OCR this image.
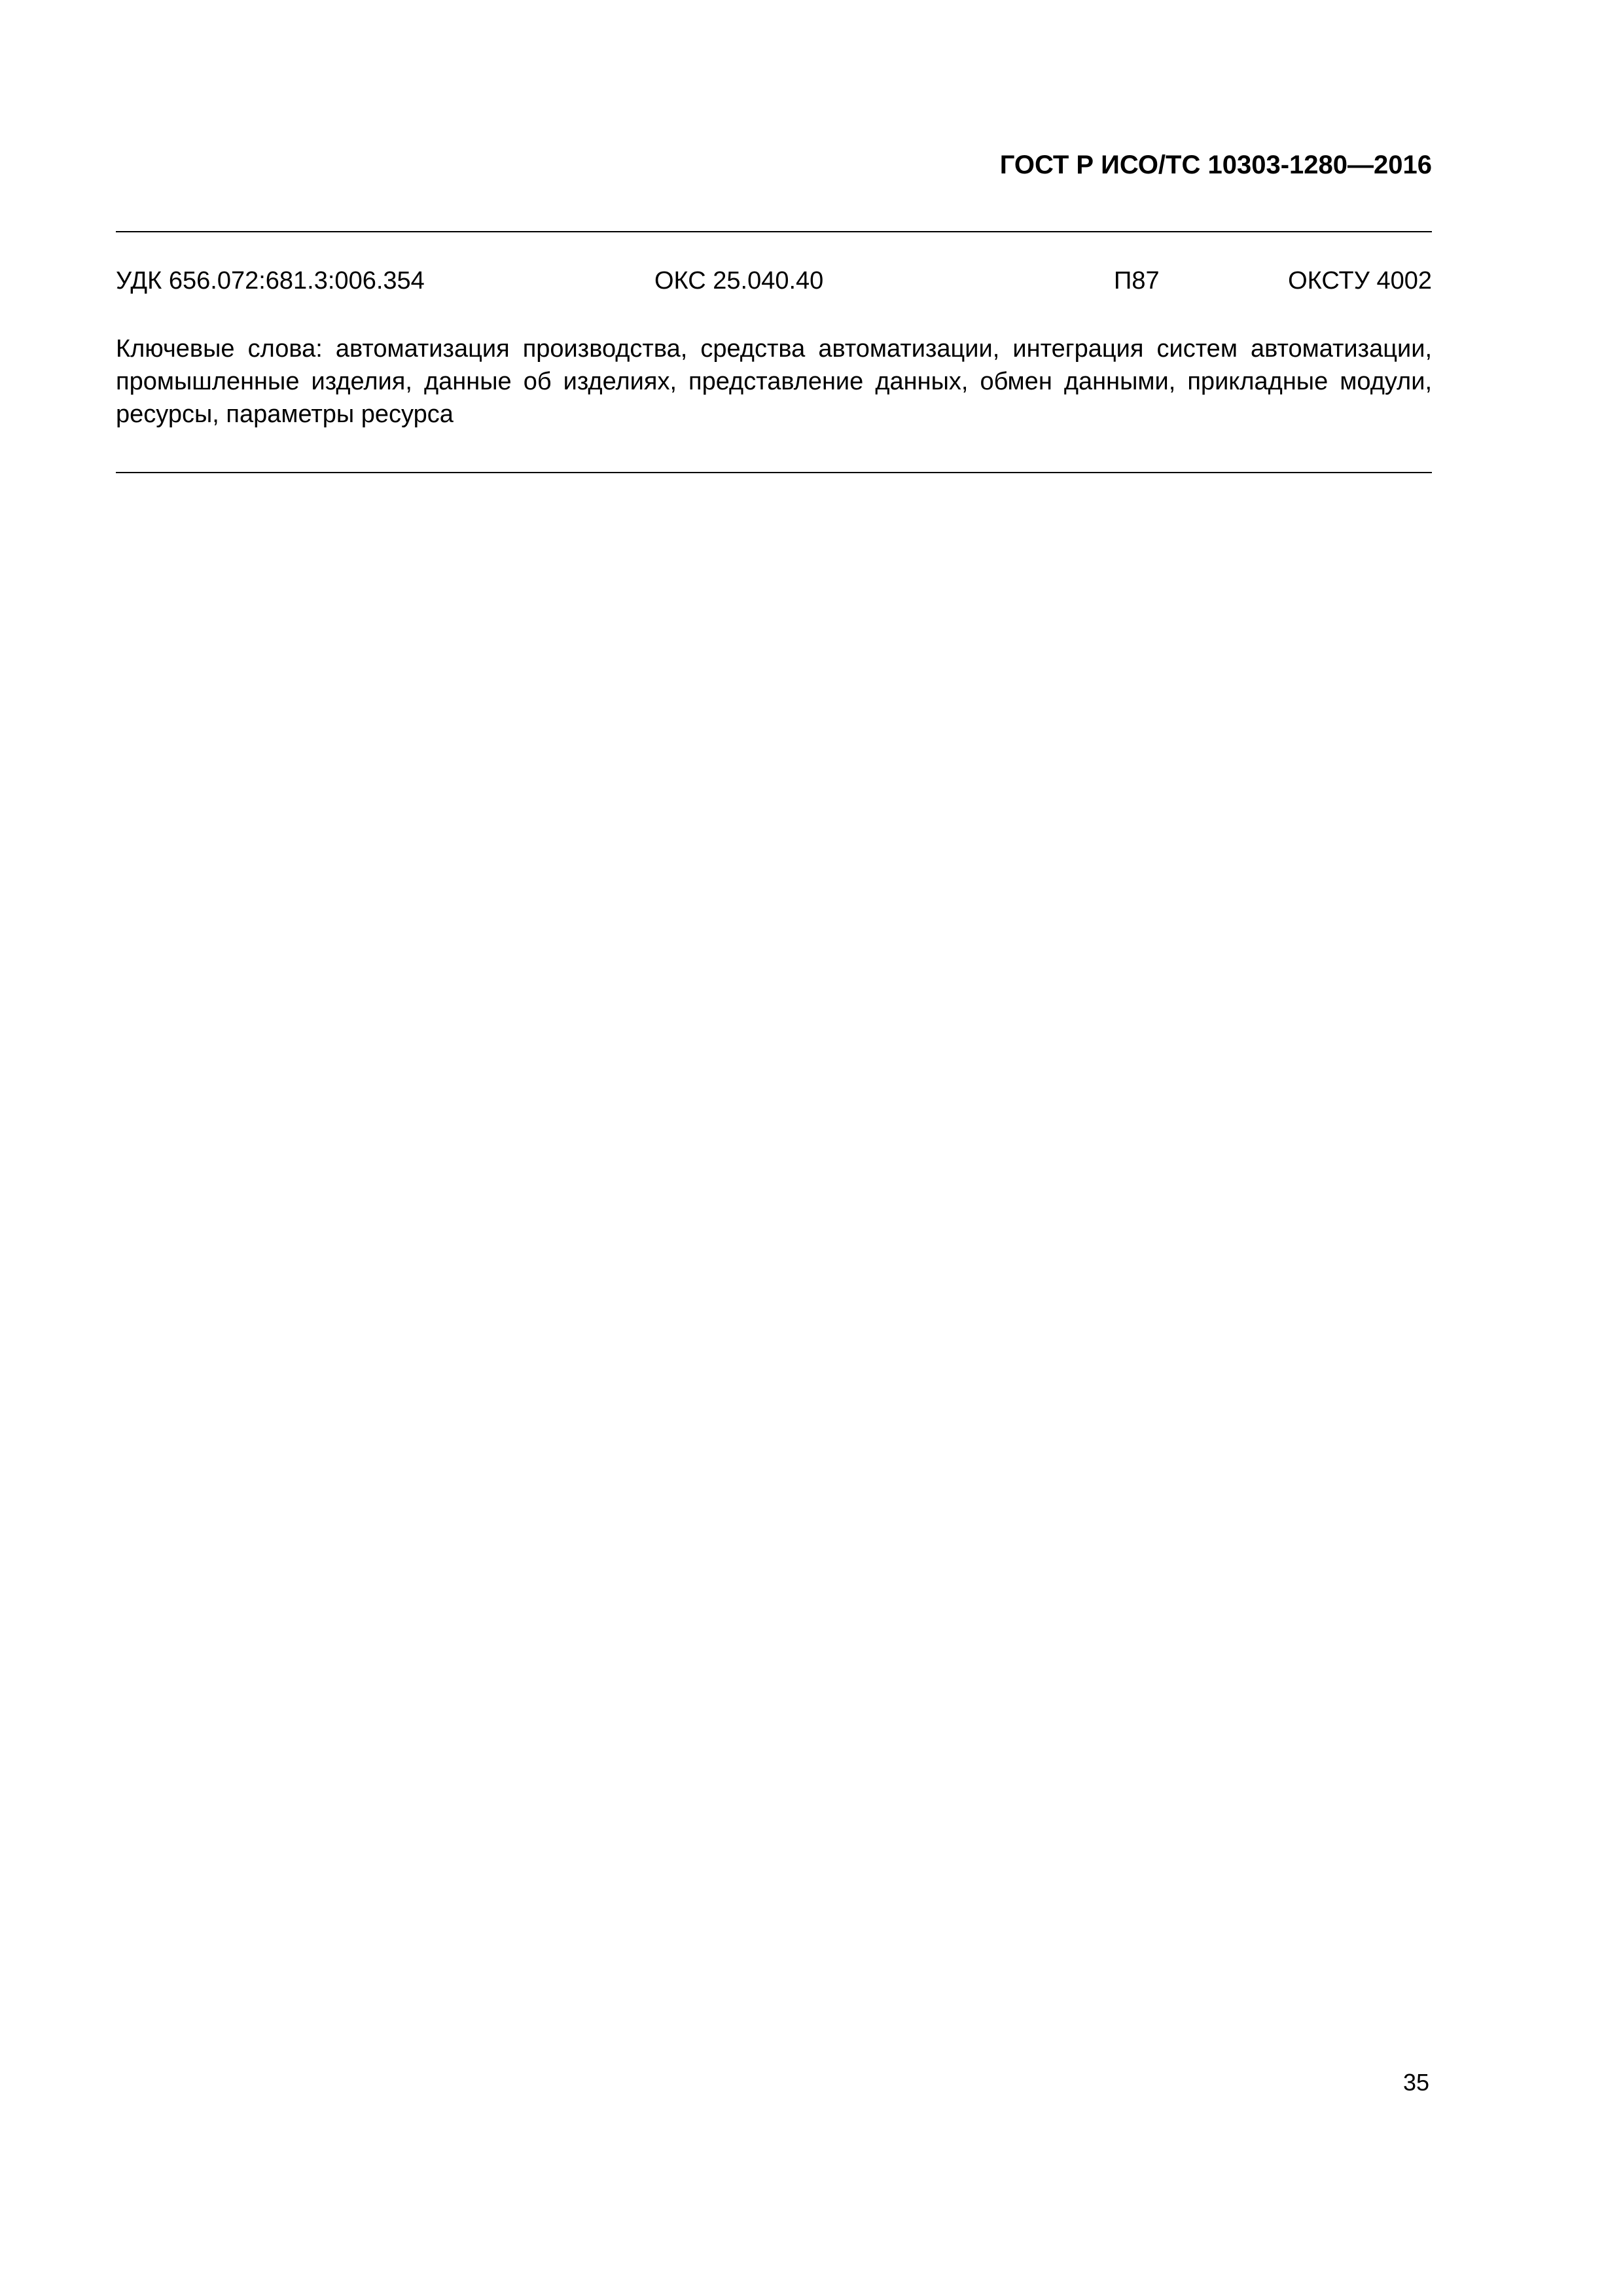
ГОСТ Р ИСО/ТС 10303-1280—2016
УДК 656.072:681.3:006.354	ОКС 25.040.40	П87	ОКСТУ 4002

Ключевые слова: автоматизация производства, средства автоматизации, интеграция систем автоматизации, промышленные изделия, данные об изделиях, представление данных, обмен данными, прикладные модули, ресурсы, параметры ресурса

35
